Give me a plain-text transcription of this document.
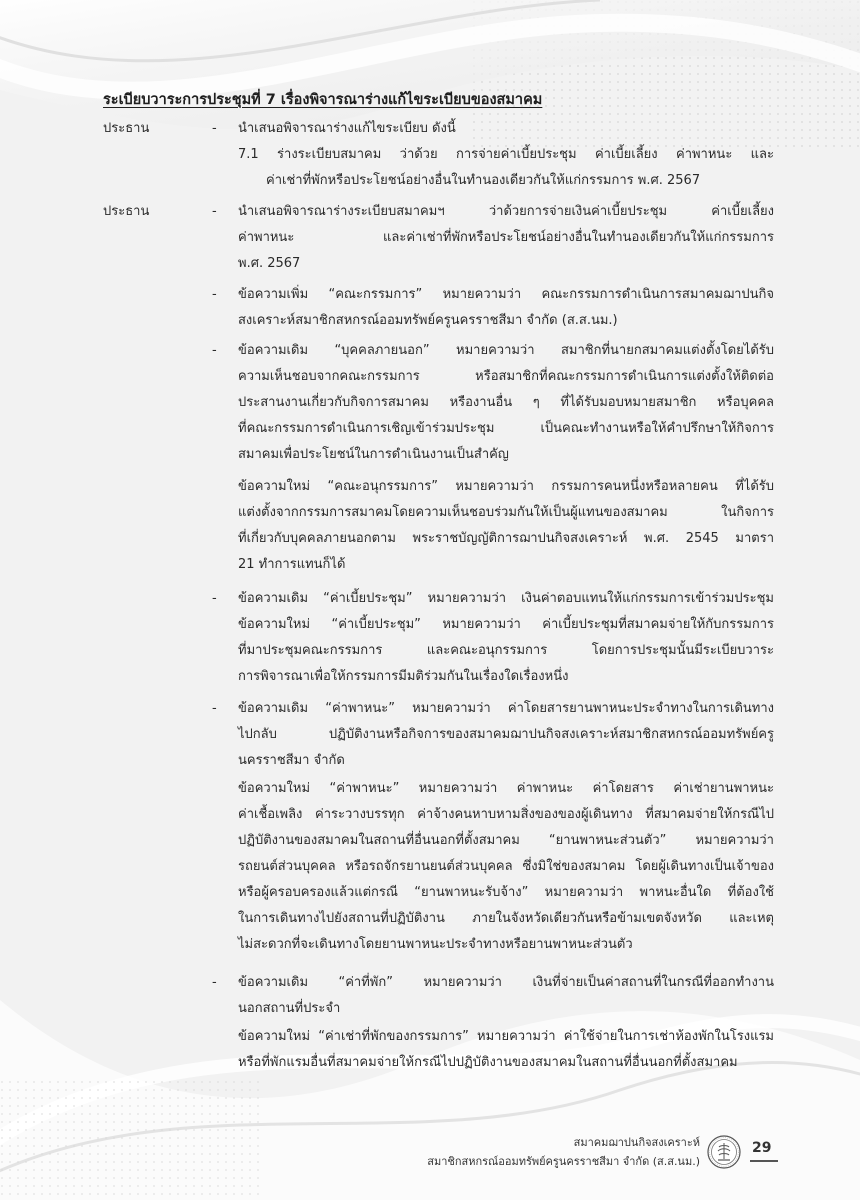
ระเบียบวาระการประชุมที่ 7 เรื่องพิจารณาร่างแก้ไขระเบียบของสมาคม
ประธาน	- นำเสนอพิจารณาร่างแก้ไขระเบียบ ดังนี้
7.1 ร่างระเบียบสมาคม ว่าด้วย การจ่ายค่าเบี้ยประชุม ค่าเบี้ยเลี้ยง ค่าพาหนะ และ
ค่าเช่าที่พักหรือประโยชน์อย่างอื่นในทำนองเดียวกันให้แก่กรรมการ พ.ศ. 2567
ประธาน	- นำเสนอพิจารณาร่างระเบียบสมาคมฯ ว่าด้วยการจ่ายเงินค่าเบี้ยประชุม ค่าเบี้ยเลี้ยง
ค่าพาหนะ และค่าเช่าที่พักหรือประโยชน์อย่างอื่นในทำนองเดียวกันให้แก่กรรมการ
พ.ศ. 2567
- ข้อความเพิ่ม “คณะกรรมการ” หมายความว่า คณะกรรมการดำเนินการสมาคมฌาปนกิจ
สงเคราะห์สมาชิกสหกรณ์ออมทรัพย์ครูนครราชสีมา จำกัด (ส.ส.นม.)
- ข้อความเดิม “บุคคลภายนอก” หมายความว่า สมาชิกที่นายกสมาคมแต่งตั้งโดยได้รับ
ความเห็นชอบจากคณะกรรมการ หรือสมาชิกที่คณะกรรมการดำเนินการแต่งตั้งให้ติดต่อ
ประสานงานเกี่ยวกับกิจการสมาคม หรืองานอื่น ๆ ที่ได้รับมอบหมายสมาชิก หรือบุคคล
ที่คณะกรรมการดำเนินการเชิญเข้าร่วมประชุม เป็นคณะทำงานหรือให้คำปรึกษาให้กิจการ
สมาคมเพื่อประโยชน์ในการดำเนินงานเป็นสำคัญ
ข้อความใหม่ “คณะอนุกรรมการ” หมายความว่า กรรมการคนหนึ่งหรือหลายคน ที่ได้รับ
แต่งตั้งจากกรรมการสมาคมโดยความเห็นชอบร่วมกันให้เป็นผู้แทนของสมาคม ในกิจการ
ที่เกี่ยวกับบุคคลภายนอกตาม พระราชบัญญัติการฌาปนกิจสงเคราะห์ พ.ศ. 2545 มาตรา
21 ทำการแทนก็ได้
- ข้อความเดิม “ค่าเบี้ยประชุม” หมายความว่า เงินค่าตอบแทนให้แก่กรรมการเข้าร่วมประชุม
ข้อความใหม่ “ค่าเบี้ยประชุม” หมายความว่า ค่าเบี้ยประชุมที่สมาคมจ่ายให้กับกรรมการ
ที่มาประชุมคณะกรรมการ และคณะอนุกรรมการ โดยการประชุมนั้นมีระเบียบวาระ
การพิจารณาเพื่อให้กรรมการมีมติร่วมกันในเรื่องใดเรื่องหนึ่ง
- ข้อความเดิม “ค่าพาหนะ” หมายความว่า ค่าโดยสารยานพาหนะประจำทางในการเดินทาง
ไปกลับ ปฏิบัติงานหรือกิจการของสมาคมฌาปนกิจสงเคราะห์สมาชิกสหกรณ์ออมทรัพย์ครู
นครราชสีมา จำกัด
ข้อความใหม่ “ค่าพาหนะ” หมายความว่า ค่าพาหนะ ค่าโดยสาร ค่าเช่ายานพาหนะ
ค่าเชื้อเพลิง ค่าระวางบรรทุก ค่าจ้างคนหาบหามสิ่งของของผู้เดินทาง ที่สมาคมจ่ายให้กรณีไป
ปฏิบัติงานของสมาคมในสถานที่อื่นนอกที่ตั้งสมาคม “ยานพาหนะส่วนตัว” หมายความว่า
รถยนต์ส่วนบุคคล หรือรถจักรยานยนต์ส่วนบุคคล ซึ่งมิใช่ของสมาคม โดยผู้เดินทางเป็นเจ้าของ
หรือผู้ครอบครองแล้วแต่กรณี “ยานพาหนะรับจ้าง” หมายความว่า พาหนะอื่นใด ที่ต้องใช้
ในการเดินทางไปยังสถานที่ปฏิบัติงาน ภายในจังหวัดเดียวกันหรือข้ามเขตจังหวัด และเหตุ
ไม่สะดวกที่จะเดินทางโดยยานพาหนะประจำทางหรือยานพาหนะส่วนตัว
- ข้อความเดิม “ค่าที่พัก” หมายความว่า เงินที่จ่ายเป็นค่าสถานที่ในกรณีที่ออกทำงาน
นอกสถานที่ประจำ
ข้อความใหม่ “ค่าเช่าที่พักของกรรมการ” หมายความว่า ค่าใช้จ่ายในการเช่าห้องพักในโรงแรม
หรือที่พักแรมอื่นที่สมาคมจ่ายให้กรณีไปปฏิบัติงานของสมาคมในสถานที่อื่นนอกที่ตั้งสมาคม
สมาคมฌาปนกิจสงเคราะห์
สมาชิกสหกรณ์ออมทรัพย์ครูนครราชสีมา จำกัด (ส.ส.นม.)
29
